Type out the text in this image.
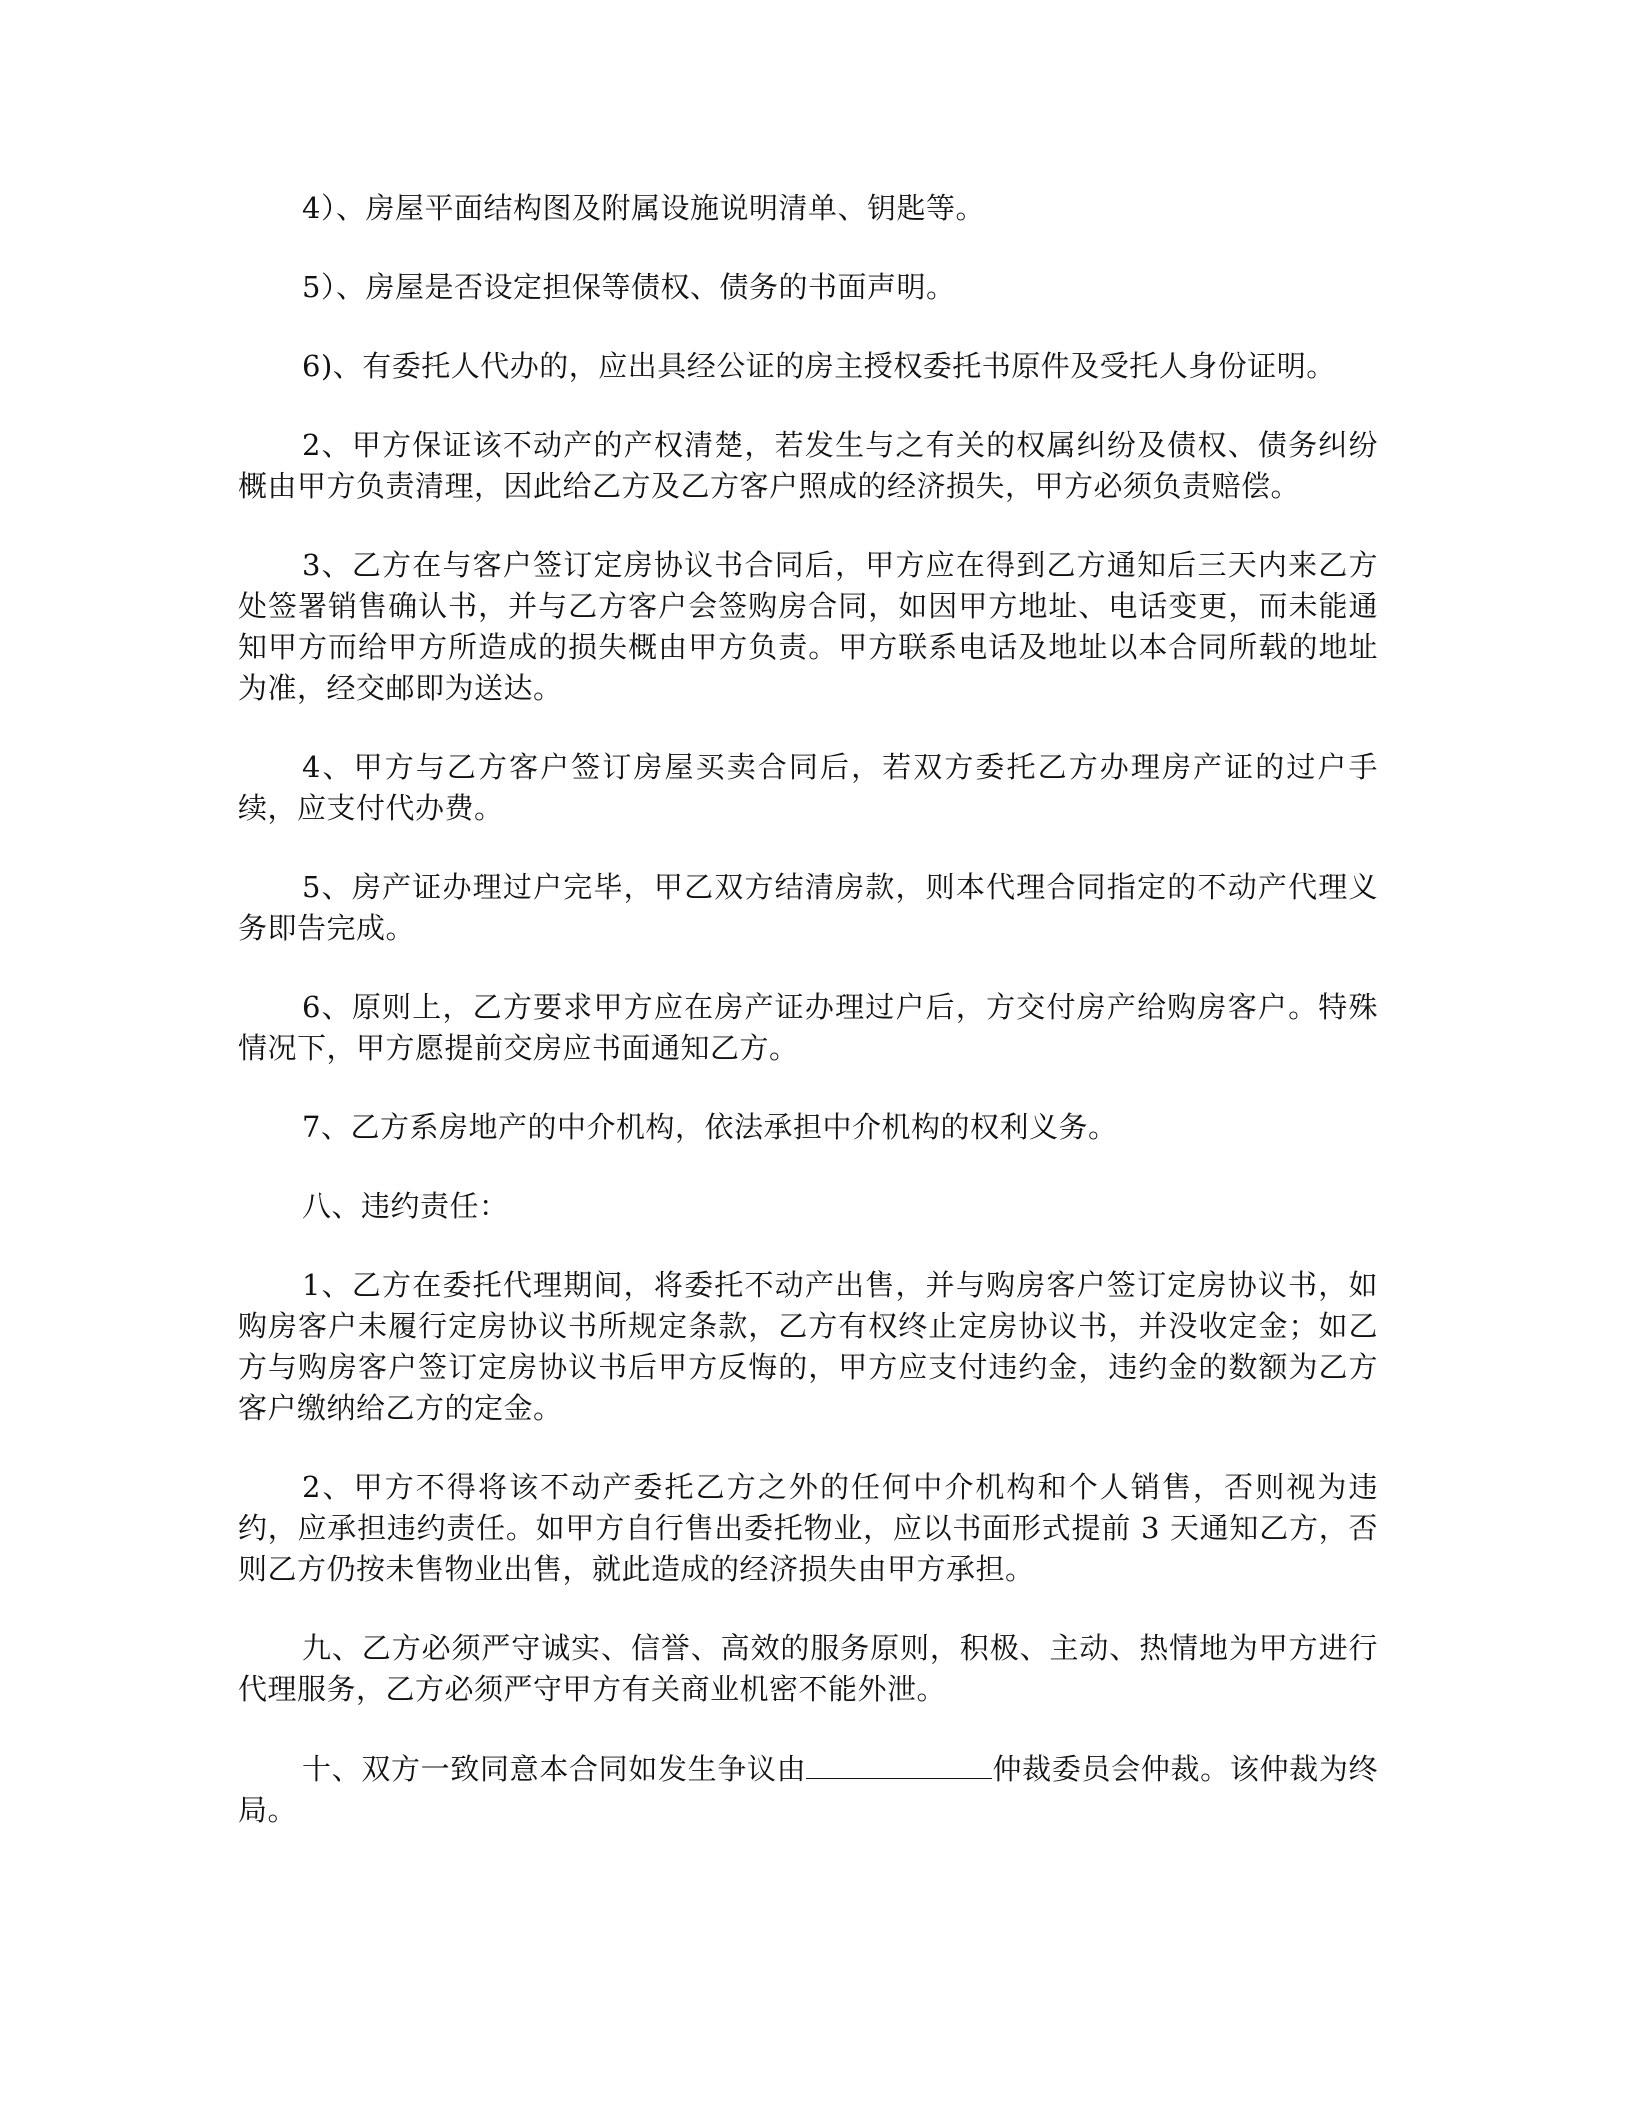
4）、房屋平面结构图及附属设施说明清单、钥匙等。

5）、房屋是否设定担保等债权、债务的书面声明。

6)、有委托人代办的，应出具经公证的房主授权委托书原件及受托人身份证明。

2、甲方保证该不动产的产权清楚，若发生与之有关的权属纠纷及债权、债务纠纷概由甲方负责清理，因此给乙方及乙方客户照成的经济损失，甲方必须负责赔偿。

3、乙方在与客户签订定房协议书合同后，甲方应在得到乙方通知后三天内来乙方处签署销售确认书，并与乙方客户会签购房合同，如因甲方地址、电话变更，而未能通知甲方而给甲方所造成的损失概由甲方负责。甲方联系电话及地址以本合同所载的地址为准，经交邮即为送达。

4、甲方与乙方客户签订房屋买卖合同后，若双方委托乙方办理房产证的过户手续，应支付代办费。

5、房产证办理过户完毕，甲乙双方结清房款，则本代理合同指定的不动产代理义务即告完成。

6、原则上，乙方要求甲方应在房产证办理过户后，方交付房产给购房客户。特殊情况下，甲方愿提前交房应书面通知乙方。

7、乙方系房地产的中介机构，依法承担中介机构的权利义务。

八、违约责任：

1、乙方在委托代理期间，将委托不动产出售，并与购房客户签订定房协议书，如购房客户未履行定房协议书所规定条款，乙方有权终止定房协议书，并没收定金；如乙方与购房客户签订定房协议书后甲方反悔的，甲方应支付违约金，违约金的数额为乙方客户缴纳给乙方的定金。

2、甲方不得将该不动产委托乙方之外的任何中介机构和个人销售，否则视为违约，应承担违约责任。如甲方自行售出委托物业，应以书面形式提前 3 天通知乙方，否则乙方仍按未售物业出售，就此造成的经济损失由甲方承担。

九、乙方必须严守诚实、信誉、高效的服务原则，积极、主动、热情地为甲方进行代理服务，乙方必须严守甲方有关商业机密不能外泄。

十、双方一致同意本合同如发生争议由	仲裁委员会仲裁。该仲裁为终局。
